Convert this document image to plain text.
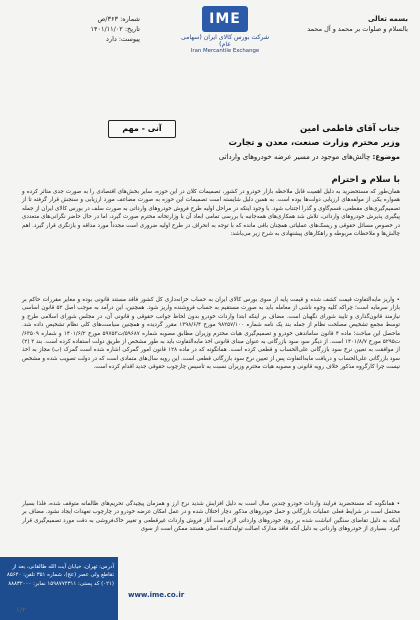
شماره: ۳۶۳/ص
تاریخ: ۱۴۰۱/۱۱/۰۲
پیوست: دارد
IME
شرکت بورس کالای ایران (سهامی عام)
Iran Mercantile Exchange
بسمه تعالی
بالسلام و صلوات بر محمد و آل محمد
آنی - مهم	جناب آقای فاطمی امین
وزیر محترم وزارت صنعت، معدن و تجارت
موضوع: چالش‌های موجود در مسیر عرضه خودروهای وارداتی
با سلام و احترام
همان‌طور که مستحضرید به دلیل اهمیت قابل ملاحظه بازار خودرو در کشور، تصمیمات کلان در این حوزه، سایر بخش‌های اقتصادی را به صورت جدی متاثر کرده و همواره یکی از مولفه‌های ارزیابی دولت‌ها بوده است. به همین دلیل شایسته است تصمیمات این حوزه به صورت مضاعف مورد ارزیابی و سنجش قرار گرفته تا از تصمیم‌گیری‌های مقطعی، قسم‌گاوی و گذرا اجتناب شود. با وجود اینکه در مراحل اولیه طرح فروش خودروهای وارداتی به صورت سلف در بورس کالای ایران از جمله پیگیری پذیرش خودروهای وارداتی، تلاش شد همکاری‌های همه‌جانبه با بررسی تمامی ابعاد آن با وزارتخانه محترم صورت گیرد، اما در حال حاضر نگرانی‌های متعددی در خصوص مسائل حقوقی و ریسک‌های عملیاتی همچنان باقی مانده که با توجه به انحراف در طرح اولیه ضروری است مجدداً مورد مداقه و بازنگری قرار گیرد. اهم چالش‌ها و ملاحظات مربوطه و راهکارهای پیشنهادی به شرح زیر می‌باشد:
• واریز مابه‌التفاوت قیمت کشف شده و قیمت پایه از سوی بورس کالای ایران به حساب خزانه‌داری کل کشور فاقد مستند قانونی بوده و مغایر مقررات حاکم بر بازار سرمایه است؛ چراکه کلیه وجوه ناشی از معامله باید به صورت مستقیم به حساب فروشنده واریز شود. همچنین، این درآمد به موجب اصل ۵۲ قانون اساسی نیازمند قانون‌گذاری و تایید شورای نگهبان است. مضاف بر اینکه ابتدا واردات خودرو بدون لحاظ جوانب حقوقی و قانونی آن، در مجلس شورای اسلامی طرح و توسط مجمع تشخیص مصلحت نظام از جمله بند یک نامه شماره ۹۸۲۵۷/۱۰۰ مورخ ۱۳۹۸/۶/۴ مقرر گردیده و همچنین سیاست‌های کلی نظام تشخیص داده شد. ماحصل این مباحث؛ ماده ۴ قانون ساماندهی خودرو و تصمیم‌گیری هیات محترم وزیران مطابق مصوبه شماره ۵۹۶۸۷/ت۵۹۷۵۳ مورخ ۱۴۰۱/۶/۲ و شماره ۶۳۵۰۹/ت۵۲۹۵ مورخ ۱۴۰۱/۸/۷ است. از دیگر سو، سود بازرگانی به عنوان مبنای قانونی اخذ مابه‌التفاوت باید به طور مشخص از طریق دولت استفاده کرده است. بند ۳ (۲) از موافقت به تعیین نرخ سود بازرگانی علی‌الحساب و قطعی کرده است. همانگونه که در ماده ۱۲۸ قانون امور گمرکی اشاره شده است گمرک (ب) مجاز به اخذ سود بازرگانی علی‌الحساب و دریافت مابه‌التفاوت پس از تعیین نرخ سود بازرگانی قطعی است. این رویه سال‌های متمادی است که در دولت تصویب شده و مشخص نیست چرا کارگروه مذکور خلاف رویه قانونی و مصوبه هیات محترم وزیران نسبت به تاسیس چارچوب حقوقی جدید اقدام کرده است.
• همانگونه که مستحضرید فرایند واردات خودرو چندین سال است به دلیل افزایش شدید نرخ ارز و همزمان پیچیدگی تحریم‌های ظالمانه متوقف شده، فلذا بسیار محتمل است در شرایط فعلی عملیات بازرگانی و حمل خودروهای مذکور دچار اختلال شده و در عمل امکان عرضه خودرو در چارچوب تعهدات ایجاد نشود. مضاف بر اینکه به دلیل تقاضای سنگین انباشت شده بر روی خودروهای وارداتی لازم است آثار فروش واردات غیرقطعی و تغییر خاک‌فروشی به دقت مورد تصمیم‌گیری قرار گیرد. بسیاری از خودروهای وارداتی به دلیل آنکه فاقد مدارک اصالت تولیدکننده اصلی هستند ممکن است از سوی
آدرس: تهران، خیابان آیت الله طالقانی، بعد از تقاطع ولی عصر (عج)، شماره ۳۵۱ تلفن: ۸۵۶۴۰ (۰۲۱) کد پستی: ۱۵۹۸۷۷۴۳۱۱ نمابر: ۸۸۸۳۲۰۰۰
www.ime.co.ir
۱/۲
